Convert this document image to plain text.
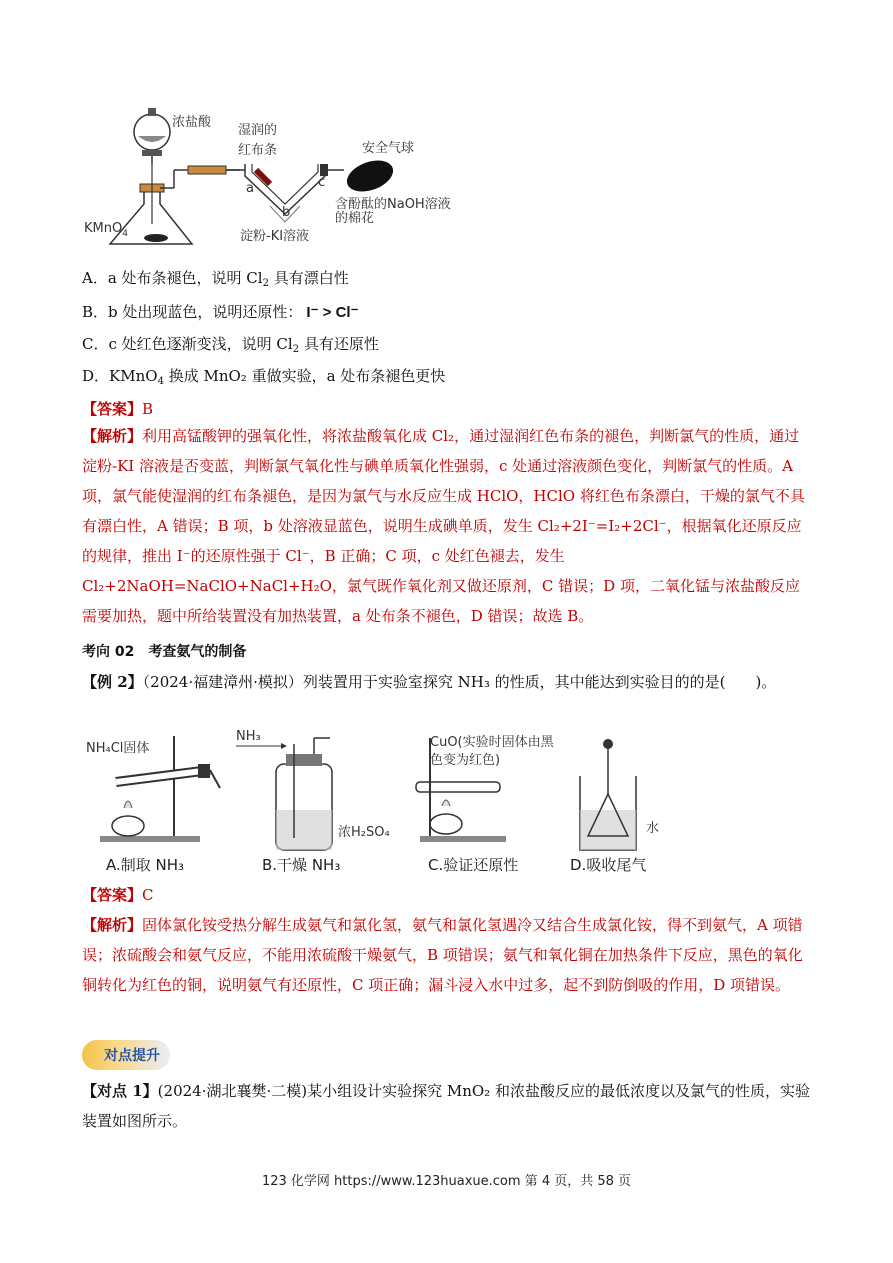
浓盐酸
湿润的
红布条	安全气球
含酚酞的NaOH溶液
的棉花
KMnO$_4$	淀粉-KI溶液
a
b
c
A．a 处布条褪色，说明 $Cl_2$ 具有漂白性
B．b 处出现蓝色，说明还原性： I⁻ > Cl⁻
C．c 处红色逐渐变浅，说明 $Cl_2$ 具有还原性
D．KMnO$_4$ 换成 MnO₂ 重做实验，a 处布条褪色更快
【答案】B
【解析】利用高锰酸钾的强氧化性，将浓盐酸氧化成 Cl₂，通过湿润红色布条的褪色，判断氯气的性质，通过淀粉-KI 溶液是否变蓝，判断氯气氧化性与碘单质氧化性强弱，c 处通过溶液颜色变化，判断氯气的性质。A 项，氯气能使湿润的红布条褪色，是因为氯气与水反应生成 HClO，HClO 将红色布条漂白，干燥的氯气不具有漂白性，A 错误；B 项，b 处溶液显蓝色，说明生成碘单质，发生 Cl₂+2I⁻=I₂+2Cl⁻，根据氧化还原反应的规律，推出 I⁻的还原性强于 Cl⁻，B 正确；C 项，c 处红色褪去，发生 Cl₂+2NaOH=NaClO+NaCl+H₂O，氯气既作氧化剂又做还原剂，C 错误；D 项，二氧化锰与浓盐酸反应需要加热，题中所给装置没有加热装置，a 处布条不褪色，D 错误；故选 B。
考向 02　考查氨气的制备
【例 2】（2024·福建漳州·模拟）列装置用于实验室探究 NH₃ 的性质，其中能达到实验目的的是(　　)。
NH₄Cl固体
NH₃
浓H₂SO₄
CuO(实验时固体由黑
色变为红色)
水
A.制取 NH₃	B.干燥 NH₃	C.验证还原性	D.吸收尾气
【答案】C
【解析】固体氯化铵受热分解生成氨气和氯化氢，氨气和氯化氢遇冷又结合生成氯化铵，得不到氨气，A 项错误；浓硫酸会和氨气反应，不能用浓硫酸干燥氨气，B 项错误；氨气和氧化铜在加热条件下反应，黑色的氧化铜转化为红色的铜，说明氨气有还原性，C 项正确；漏斗浸入水中过多，起不到防倒吸的作用，D 项错误。
对点提升
【对点 1】(2024·湖北襄樊·二模)某小组设计实验探究 MnO₂ 和浓盐酸反应的最低浓度以及氯气的性质，实验装置如图所示。
123 化学网 https://www.123huaxue.com 第 4 页，共 58 页
